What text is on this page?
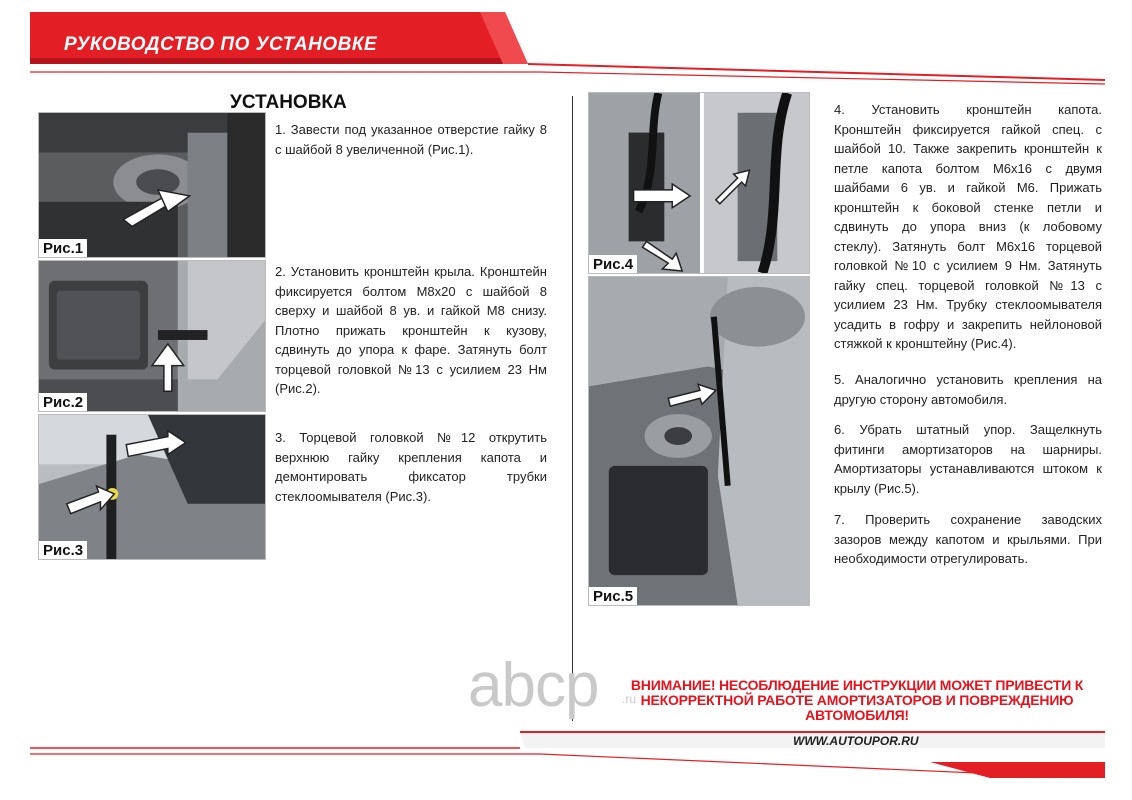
РУКОВОДСТВО ПО УСТАНОВКЕ
УСТАНОВКА
Рис.1
Рис.2
Рис.3
1. Завести под указанное отверстие гайку 8 с шайбой 8 увеличенной (Рис.1).
2. Установить кронштейн крыла. Кронштейн фиксируется болтом М8х20 с шайбой 8 сверху и шайбой 8 ув. и гайкой М8 снизу. Плотно прижать кронштейн к кузову, сдвинуть до упора к фаре. Затянуть болт торцевой головкой №13 с усилием 23 Нм (Рис.2).
3. Торцевой головкой №12 открутить верхнюю гайку крепления капота и демонтировать фиксатор трубки стеклоомывателя (Рис.3).
Рис.4
Рис.5
4. Установить кронштейн капота. Кронштейн фиксируется гайкой спец. с шайбой 10. Также закрепить кронштейн к петле капота болтом М6х16 с двумя шайбами 6 ув. и гайкой М6. Прижать кронштейн к боковой стенке петли и сдвинуть до упора вниз (к лобовому стеклу). Затянуть болт М6х16 торцевой головкой №10 с усилием 9 Нм. Затянуть гайку спец. торцевой головкой №13 с усилием 23 Нм. Трубку стеклоомывателя усадить в гофру и закрепить нейлоновой стяжкой к кронштейну (Рис.4).
5. Аналогично установить крепления на другую сторону автомобиля.
6. Убрать штатный упор. Защелкнуть фитинги амортизаторов на шарниры. Амортизаторы устанавливаются штоком к крылу (Рис.5).
7. Проверить сохранение заводских зазоров между капотом и крыльями. При необходимости отрегулировать.
abcp .ru
ВНИМАНИЕ! НЕСОБЛЮДЕНИЕ ИНСТРУКЦИИ МОЖЕТ ПРИВЕСТИ К НЕКОРРЕКТНОЙ РАБОТЕ АМОРТИЗАТОРОВ И ПОВРЕЖДЕНИЮ АВТОМОБИЛЯ!
WWW.AUTOUPOR.RU
